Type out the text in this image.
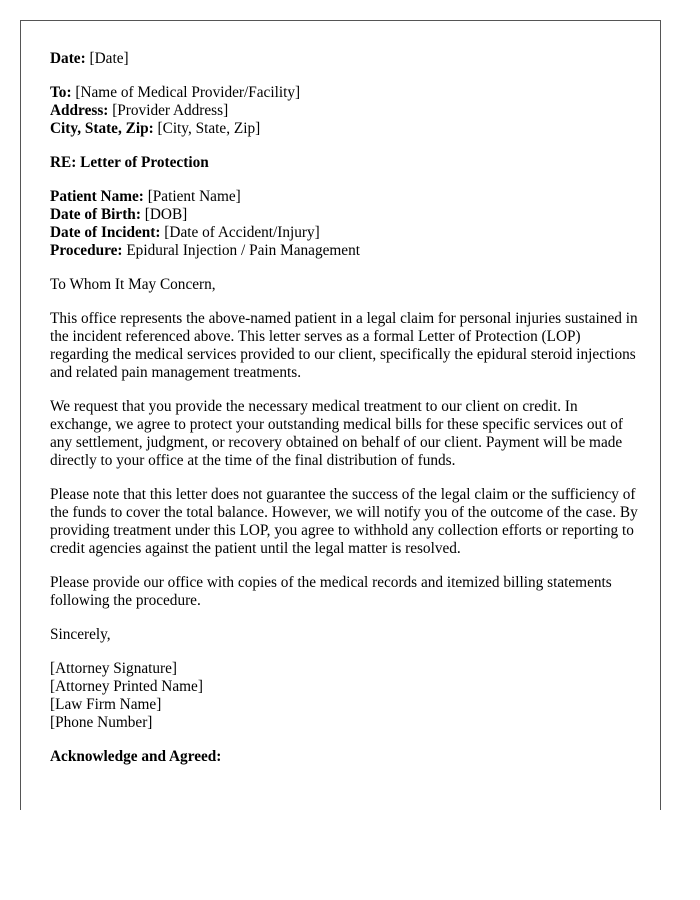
Date: [Date]
To: [Name of Medical Provider/Facility]
Address: [Provider Address]
City, State, Zip: [City, State, Zip]
RE: Letter of Protection
Patient Name: [Patient Name]
Date of Birth: [DOB]
Date of Incident: [Date of Accident/Injury]
Procedure: Epidural Injection / Pain Management

To Whom It May Concern,

This office represents the above-named patient in a legal claim for personal injuries sustained in the incident referenced above. This letter serves as a formal Letter of Protection (LOP) regarding the medical services provided to our client, specifically the epidural steroid injections and related pain management treatments.

We request that you provide the necessary medical treatment to our client on credit. In exchange, we agree to protect your outstanding medical bills for these specific services out of any settlement, judgment, or recovery obtained on behalf of our client. Payment will be made directly to your office at the time of the final distribution of funds.

Please note that this letter does not guarantee the success of the legal claim or the sufficiency of the funds to cover the total balance. However, we will notify you of the outcome of the case. By providing treatment under this LOP, you agree to withhold any collection efforts or reporting to credit agencies against the patient until the legal matter is resolved.

Please provide our office with copies of the medical records and itemized billing statements following the procedure.

Sincerely,

[Attorney Signature]
[Attorney Printed Name]
[Law Firm Name]
[Phone Number]
Acknowledge and Agreed:
